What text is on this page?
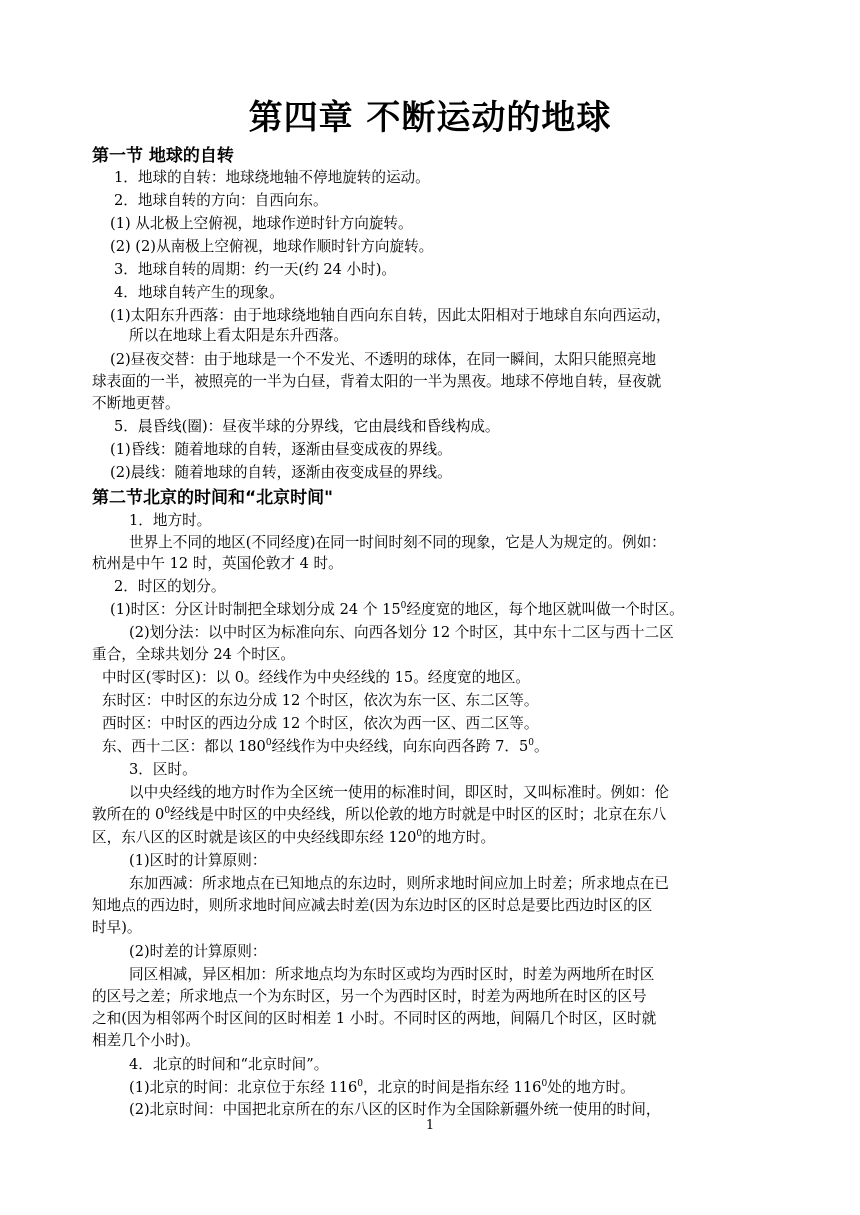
第四章 不断运动的地球
第一节 地球的自转
1．地球的自转：地球绕地轴不停地旋转的运动。
2．地球自转的方向：自西向东。
(1) 从北极上空俯视，地球作逆时针方向旋转。
(2) (2)从南极上空俯视，地球作顺时针方向旋转。
3．地球自转的周期：约一天(约 24 小时)。
4．地球自转产生的现象。
(1)太阳东升西落：由于地球绕地轴自西向东自转，因此太阳相对于地球自东向西运动，
所以在地球上看太阳是东升西落。
(2)昼夜交替：由于地球是一个不发光、不透明的球体，在同一瞬间，太阳只能照亮地
球表面的一半，被照亮的一半为白昼，背着太阳的一半为黑夜。地球不停地自转，昼夜就
不断地更替。
5．晨昏线(圈)：昼夜半球的分界线，它由晨线和昏线构成。
(1)昏线：随着地球的自转，逐渐由昼变成夜的界线。
(2)晨线：随着地球的自转，逐渐由夜变成昼的界线。
第二节北京的时间和“北京时间"
1．地方时。
世界上不同的地区(不同经度)在同一时间时刻不同的现象，它是人为规定的。例如：
杭州是中午 12 时，英国伦敦才 4 时。
2．时区的划分。
(1)时区：分区计时制把全球划分成 24 个 $15^0$经度宽的地区，每个地区就叫做一个时区。
(2)划分法：以中时区为标准向东、向西各划分 12 个时区，其中东十二区与西十二区
重合，全球共划分 24 个时区。
中时区(零时区)：以 0。经线作为中央经线的 15。经度宽的地区。
东时区：中时区的东边分成 12 个时区，依次为东一区、东二区等。
西时区：中时区的西边分成 12 个时区，依次为西一区、西二区等。
东、西十二区：都以 $180^0$经线作为中央经线，向东向西各跨 7．$5^0$。
3．区时。
以中央经线的地方时作为全区统一使用的标准时间，即区时，又叫标准时。例如：伦
敦所在的 $0^0$经线是中时区的中央经线，所以伦敦的地方时就是中时区的区时；北京在东八
区，东八区的区时就是该区的中央经线即东经 $120^0$的地方时。
(1)区时的计算原则：
东加西减：所求地点在已知地点的东边时，则所求地时间应加上时差；所求地点在已
知地点的西边时，则所求地时间应减去时差(因为东边时区的区时总是要比西边时区的区
时早)。
(2)时差的计算原则：
同区相减，异区相加：所求地点均为东时区或均为西时区时，时差为两地所在时区
的区号之差；所求地点一个为东时区，另一个为西时区时，时差为两地所在时区的区号
之和(因为相邻两个时区间的区时相差 1 小时。不同时区的两地，间隔几个时区，区时就
相差几个小时)。
4．北京的时间和“北京时间”。
(1)北京的时间：北京位于东经 $116^0$，北京的时间是指东经 $116^0$处的地方时。
(2)北京时间：中国把北京所在的东八区的区时作为全国除新疆外统一使用的时间，
1
